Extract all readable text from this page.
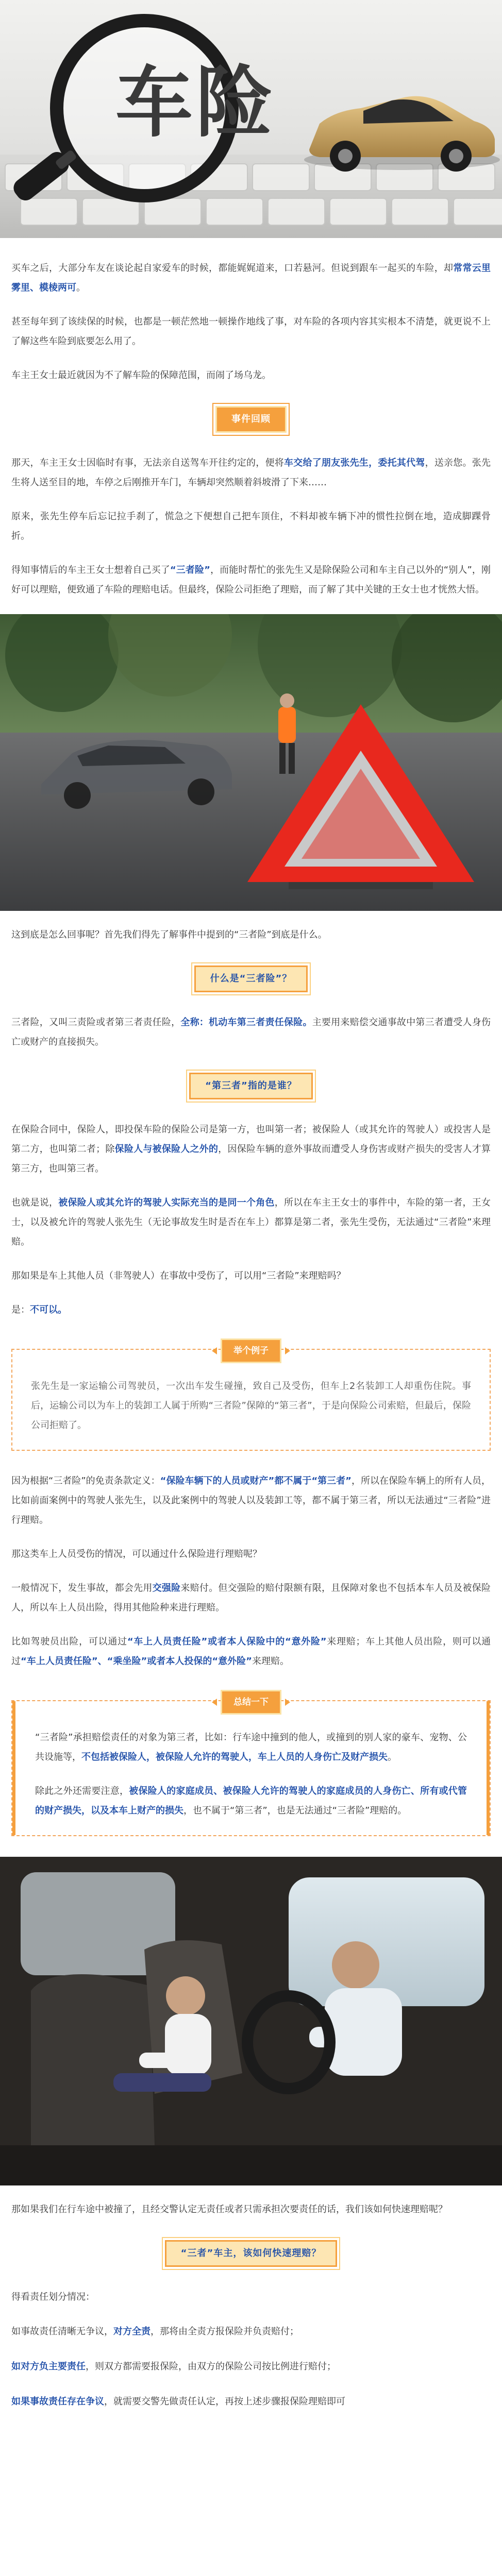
车险

买车之后，大部分车友在谈论起自家爱车的时候，都能娓娓道来，口若悬河。但说到跟车一起买的车险，却常常云里雾里、模棱两可。

甚至每年到了该续保的时候，也都是一顿茫然地一顿操作地线了事，对车险的各项内容其实根本不清楚，就更说不上了解这些车险到底要怎么用了。

车主王女士最近就因为不了解车险的保障范围，而闹了场乌龙。

事件回顾

那天，车主王女士因临时有事，无法亲自送驾车开往约定的，便将车交给了朋友张先生，委托其代驾，送亲您。张先生将人送至目的地，车停之后刚推开车门，车辆却突然顺着斜坡滑了下来……

原来，张先生停车后忘记拉手刹了，慌急之下便想自己把车顶住，不料却被车辆下冲的惯性拉倒在地，造成脚踝骨折。

得知事情后的车主王女士想着自己买了“三者险”，而能时帮忙的张先生又是除保险公司和车主自己以外的“别人”，刚好可以理赔，便致通了车险的理赔电话。但最终，保险公司拒绝了理赔，而了解了其中关键的王女士也才恍然大悟。

这到底是怎么回事呢？首先我们得先了解事件中提到的“三者险”到底是什么。

什么是“三者险”？

三者险，又叫三责险或者第三者责任险，全称：机动车第三者责任保险。主要用来赔偿交通事故中第三者遭受人身伤亡或财产的直接损失。

“第三者”指的是谁？

在保险合同中，保险人，即投保车险的保险公司是第一方，也叫第一者；被保险人（或其允许的驾驶人）或投害人是第二方，也叫第二者；除保险人与被保险人之外的，因保险车辆的意外事故而遭受人身伤害或财产损失的受害人才算第三方，也叫第三者。

也就是说，被保险人或其允许的驾驶人实际充当的是同一个角色，所以在车主王女士的事件中，车险的第一者，王女士，以及被允许的驾驶人张先生（无论事故发生时是否在车上）都算是第二者，张先生受伤，无法通过“三者险”来理赔。

那如果是车上其他人员（非驾驶人）在事故中受伤了，可以用“三者险”来理赔吗？

是：不可以。

举个例子

张先生是一家运输公司驾驶员，一次出车发生碰撞，致自己及受伤，但车上2名装卸工人却重伤住院。事后，运输公司以为车上的装卸工人属于所购“三者险”保障的“第三者”，于是向保险公司索赔，但最后，保险公司拒赔了。

因为根据“三者险”的免责条款定义：“保险车辆下的人员或财产”都不属于“第三者”，所以在保险车辆上的所有人员，比如前面案例中的驾驶人张先生，以及此案例中的驾驶人以及装卸工等，都不属于第三者，所以无法通过“三者险”进行理赔。

那这类车上人员受伤的情况，可以通过什么保险进行理赔呢？

一般情况下，发生事故，都会先用交强险来赔付。但交强险的赔付限额有限，且保障对象也不包括本车人员及被保险人，所以车上人员出险，得用其他险种来进行理赔。

比如驾驶员出险，可以通过“车上人员责任险”或者本人保险中的“意外险”来理赔；车上其他人员出险，则可以通过“车上人员责任险”、“乘坐险”或者本人投保的“意外险”来理赔。

总结一下

“三者险”承担赔偿责任的对象为第三者，比如：行车途中撞到的他人，或撞到的别人家的豪车、宠物、公共设施等，不包括被保险人，被保险人允许的驾驶人，车上人员的人身伤亡及财产损失。

除此之外还需要注意，被保险人的家庭成员、被保险人允许的驾驶人的家庭成员的人身伤亡、所有或代管的财产损失，以及本车上财产的损失，也不属于“第三者”，也是无法通过“三者险”理赔的。

那如果我们在行车途中被撞了，且经交警认定无责任或者只需承担次要责任的话，我们该如何快速理赔呢？

“三者”车主，该如何快速理赔？

得看责任划分情况：

如事故责任清晰无争议，对方全责，那将由全责方报保险并负责赔付；

如对方负主要责任，则双方都需要报保险，由双方的保险公司按比例进行赔付；

如果事故责任存在争议，就需要交警先做责任认定，再按上述步骤报保险理赔即可
